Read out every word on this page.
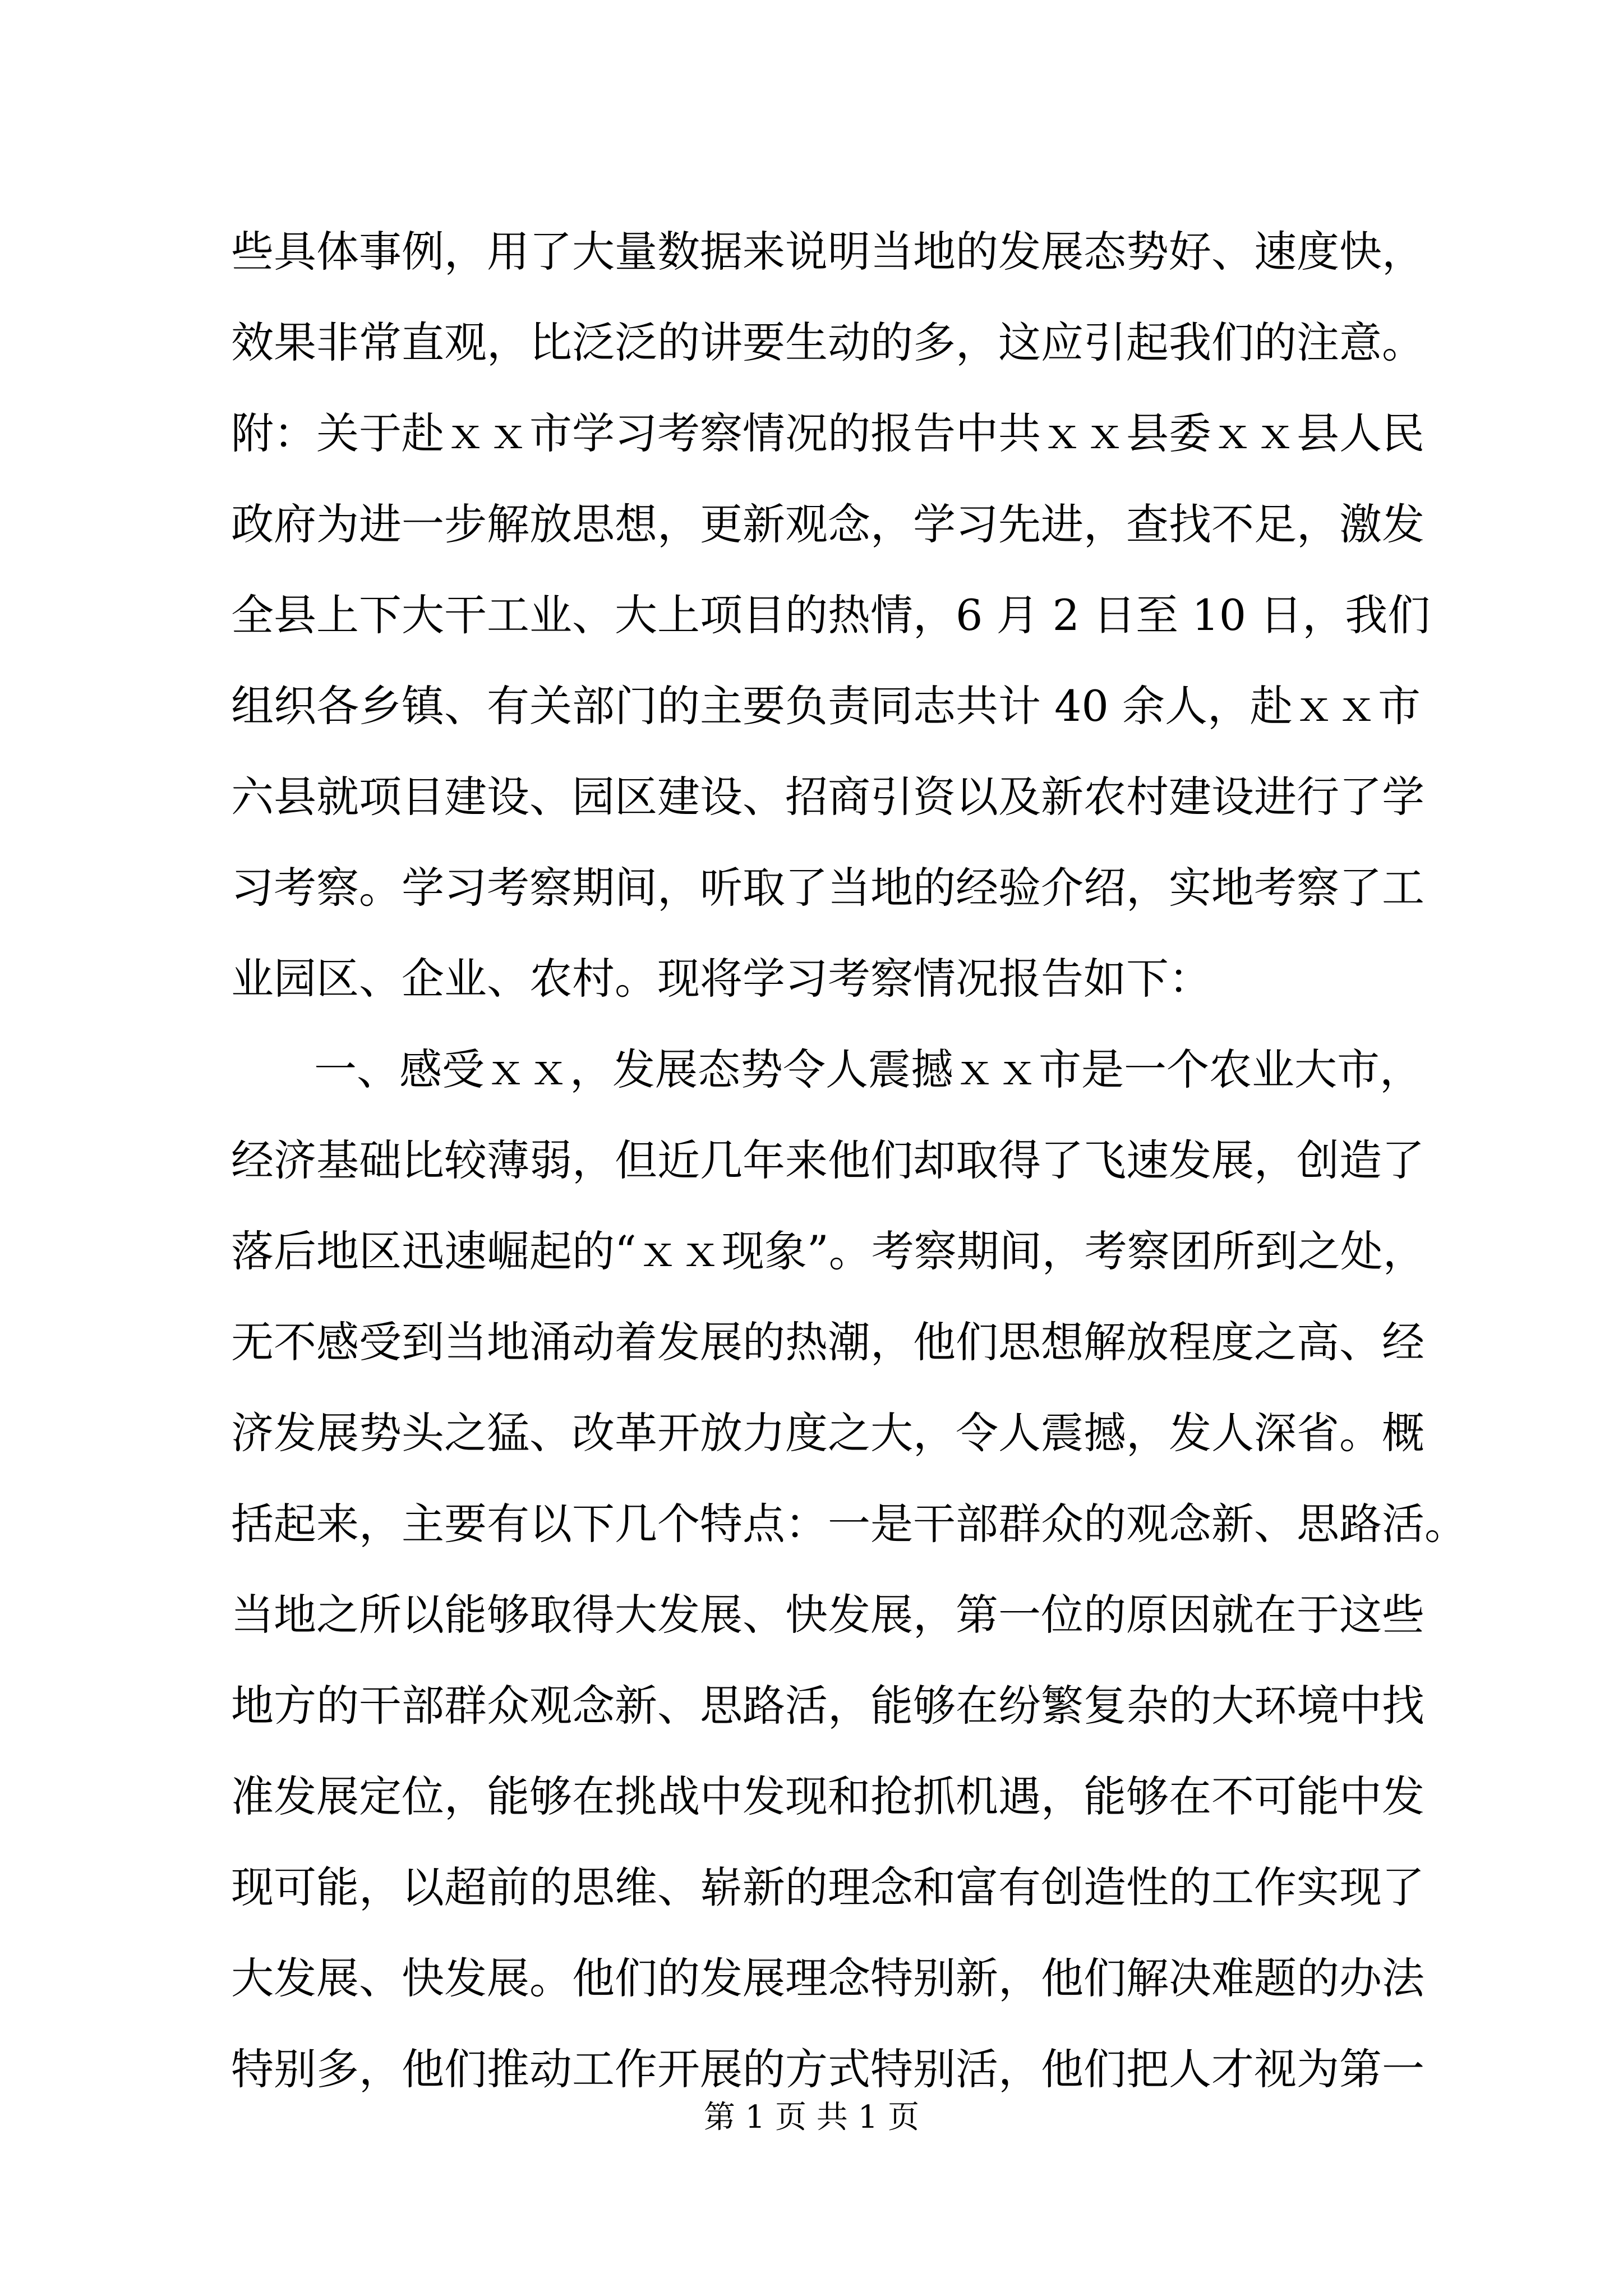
些具体事例，用了大量数据来说明当地的发展态势好、速度快，
效果非常直观，比泛泛的讲要生动的多，这应引起我们的注意。
附：关于赴ｘｘ市学习考察情况的报告中共ｘｘ县委ｘｘ县人民
政府为进一步解放思想，更新观念，学习先进，查找不足，激发
全县上下大干工业、大上项目的热情，6 月 2 日至 10 日，我们
组织各乡镇、有关部门的主要负责同志共计 40 余人，赴ｘｘ市
六县就项目建设、园区建设、招商引资以及新农村建设进行了学
习考察。学习考察期间，听取了当地的经验介绍，实地考察了工
业园区、企业、农村。现将学习考察情况报告如下：
一、感受ｘｘ，发展态势令人震撼ｘｘ市是一个农业大市，
经济基础比较薄弱，但近几年来他们却取得了飞速发展，创造了
落后地区迅速崛起的“ｘｘ现象”。考察期间，考察团所到之处，
无不感受到当地涌动着发展的热潮，他们思想解放程度之高、经
济发展势头之猛、改革开放力度之大，令人震撼，发人深省。概
括起来，主要有以下几个特点：一是干部群众的观念新、思路活。
当地之所以能够取得大发展、快发展，第一位的原因就在于这些
地方的干部群众观念新、思路活，能够在纷繁复杂的大环境中找
准发展定位，能够在挑战中发现和抢抓机遇，能够在不可能中发
现可能，以超前的思维、崭新的理念和富有创造性的工作实现了
大发展、快发展。他们的发展理念特别新，他们解决难题的办法
特别多，他们推动工作开展的方式特别活，他们把人才视为第一
第 1 页 共 1 页
